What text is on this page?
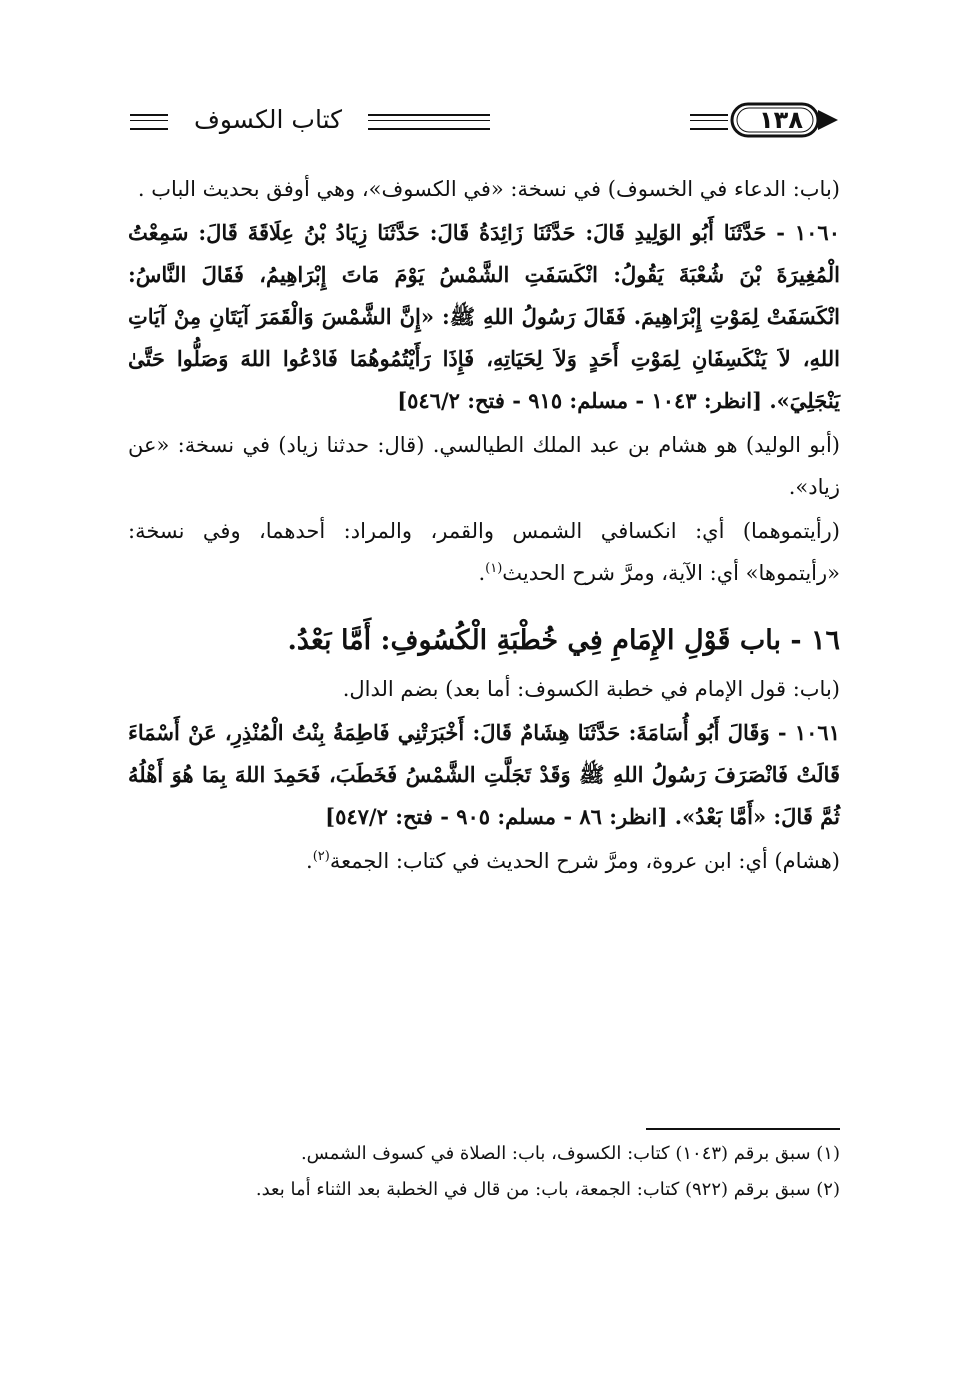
كتاب الكسوف	١٣٨

(باب: الدعاء في الخسوف) في نسخة: «في الكسوف»، وهي أوفق بحديث الباب .

١٠٦٠ - حَدَّثَنَا أَبُو الوَلِيدِ قَالَ: حَدَّثَنَا زَائِدَةُ قَالَ: حَدَّثَنَا زِيَادُ بْنُ عِلَاقَةَ قَالَ: سَمِعْتُ الْمُغِيرَةَ بْنَ شُعْبَةَ يَقُولُ: انْكَسَفَتِ الشَّمْسُ يَوْمَ مَاتَ إِبْرَاهِيمُ، فَقَالَ النَّاسُ: انْكَسَفَتْ لِمَوْتِ إِبْرَاهِيمَ. فَقَالَ رَسُولُ اللهِ ﷺ: «إِنَّ الشَّمْسَ وَالْقَمَرَ آيَتَانِ مِنْ آيَاتِ اللهِ، لاَ يَنْكَسِفَانِ لِمَوْتِ أَحَدٍ وَلاَ لِحَيَاتِهِ، فَإِذَا رَأَيْتُمُوهُمَا فَادْعُوا اللهَ وَصَلُّوا حَتَّىٰ يَنْجَلِيَ». [انظر: ١٠٤٣ - مسلم: ٩١٥ - فتح: ٥٤٦/٢]

(أبو الوليد) هو هشام بن عبد الملك الطيالسي. (قال: حدثنا زياد) في نسخة: «عن زياد».

(رأيتموهما) أي: انكسافي الشمس والقمر، والمراد: أحدهما، وفي نسخة: «رأيتموها» أي: الآية، ومرَّ شرح الحديث$^{(١)}$.

١٦ - باب قَوْلِ الإِمَامِ فِي خُطْبَةِ الْكُسُوفِ: أَمَّا بَعْدُ.

(باب: قول الإمام في خطبة الكسوف: أما بعد) بضم الدال.

١٠٦١ - وَقَالَ أَبُو أُسَامَةَ: حَدَّثَنَا هِشَامٌ قَالَ: أَخْبَرَتْنِي فَاطِمَةُ بِنْتُ الْمُنْذِرِ، عَنْ أَسْمَاءَ قَالَتْ فَانْصَرَفَ رَسُولُ اللهِ ﷺ وَقَدْ تَجَلَّتِ الشَّمْسُ فَخَطَبَ، فَحَمِدَ اللهَ بِمَا هُوَ أَهْلُهُ ثُمَّ قَالَ: «أَمَّا بَعْدُ». [انظر: ٨٦ - مسلم: ٩٠٥ - فتح: ٥٤٧/٢]

(هشام) أي: ابن عروة، ومرَّ شرح الحديث في كتاب: الجمعة$^{(٢)}$.

(١) سبق برقم (١٠٤٣) كتاب: الكسوف، باب: الصلاة في كسوف الشمس.

(٢) سبق برقم (٩٢٢) كتاب: الجمعة، باب: من قال في الخطبة بعد الثناء أما بعد.
